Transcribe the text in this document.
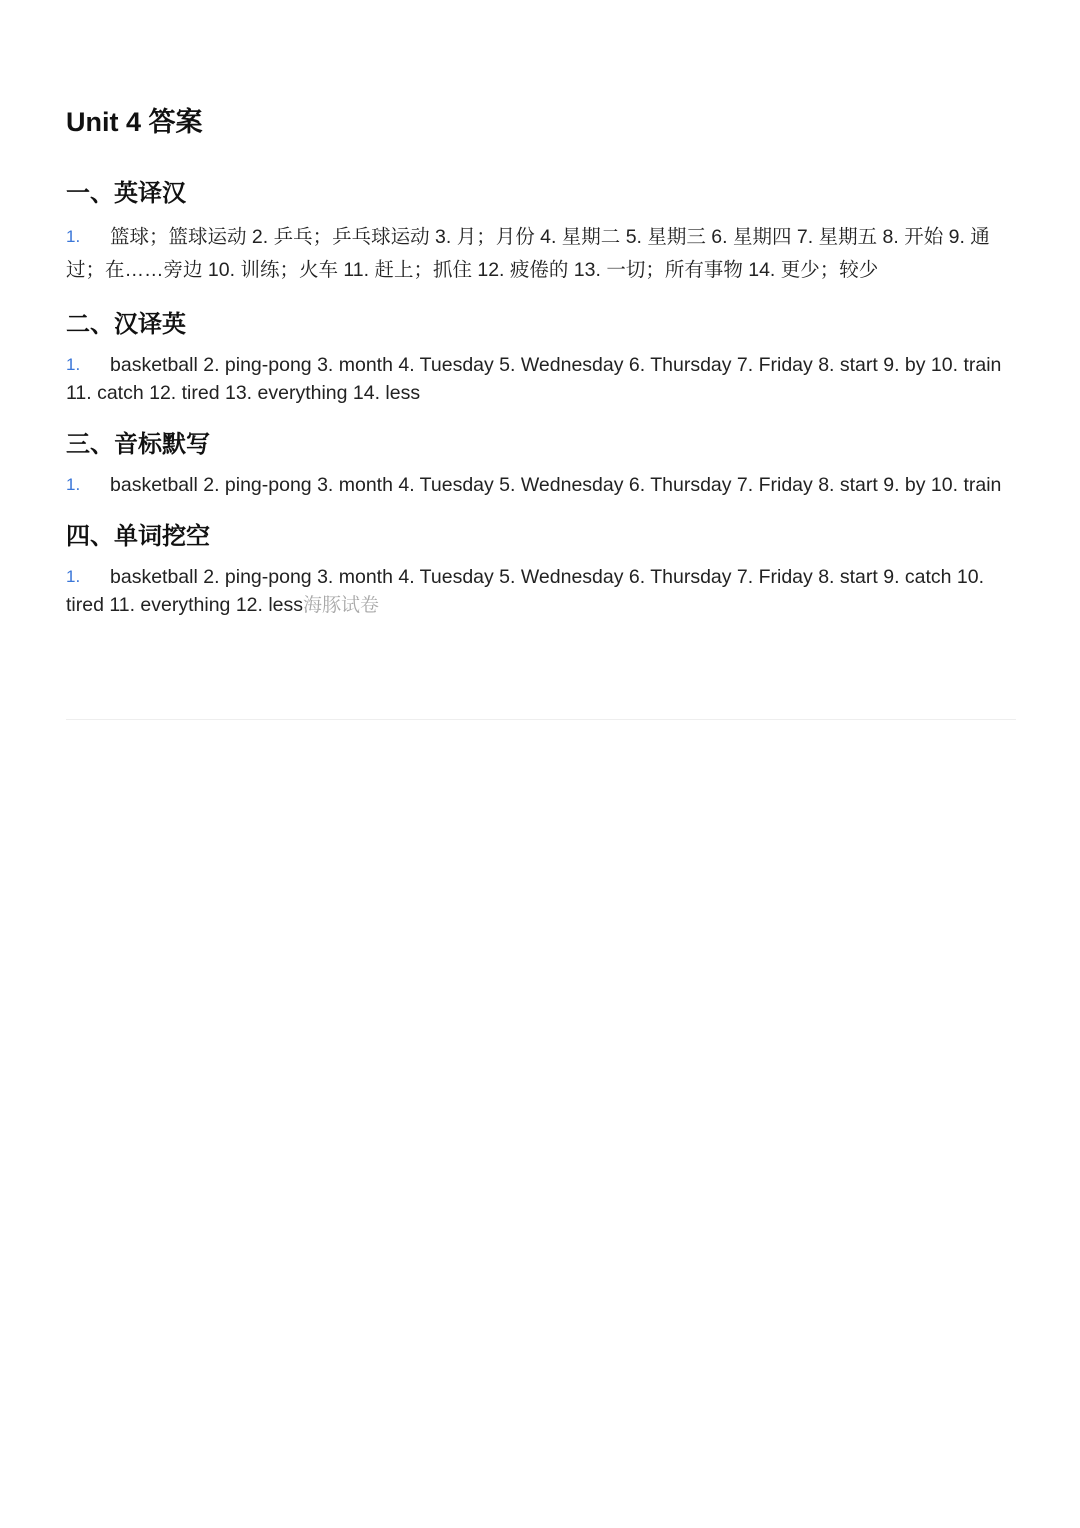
Unit 4 答案
一、英译汉

1. 篮球；篮球运动 2. 乒乓；乒乓球运动 3. 月；月份 4. 星期二 5. 星期三 6. 星期四 7. 星期五 8. 开始 9. 通过；在……旁边 10. 训练；火车 11. 赶上；抓住 12. 疲倦的 13. 一切；所有事物 14. 更少；较少

二、汉译英

1. basketball 2. ping-pong 3. month 4. Tuesday 5. Wednesday 6. Thursday 7. Friday 8. start 9. by 10. train 11. catch 12. tired 13. everything 14. less

三、音标默写

1. basketball 2. ping-pong 3. month 4. Tuesday 5. Wednesday 6. Thursday 7. Friday 8. start 9. by 10. train

四、单词挖空

1. basketball 2. ping-pong 3. month 4. Tuesday 5. Wednesday 6. Thursday 7. Friday 8. start 9. catch 10. tired 11. everything 12. less海豚试卷
